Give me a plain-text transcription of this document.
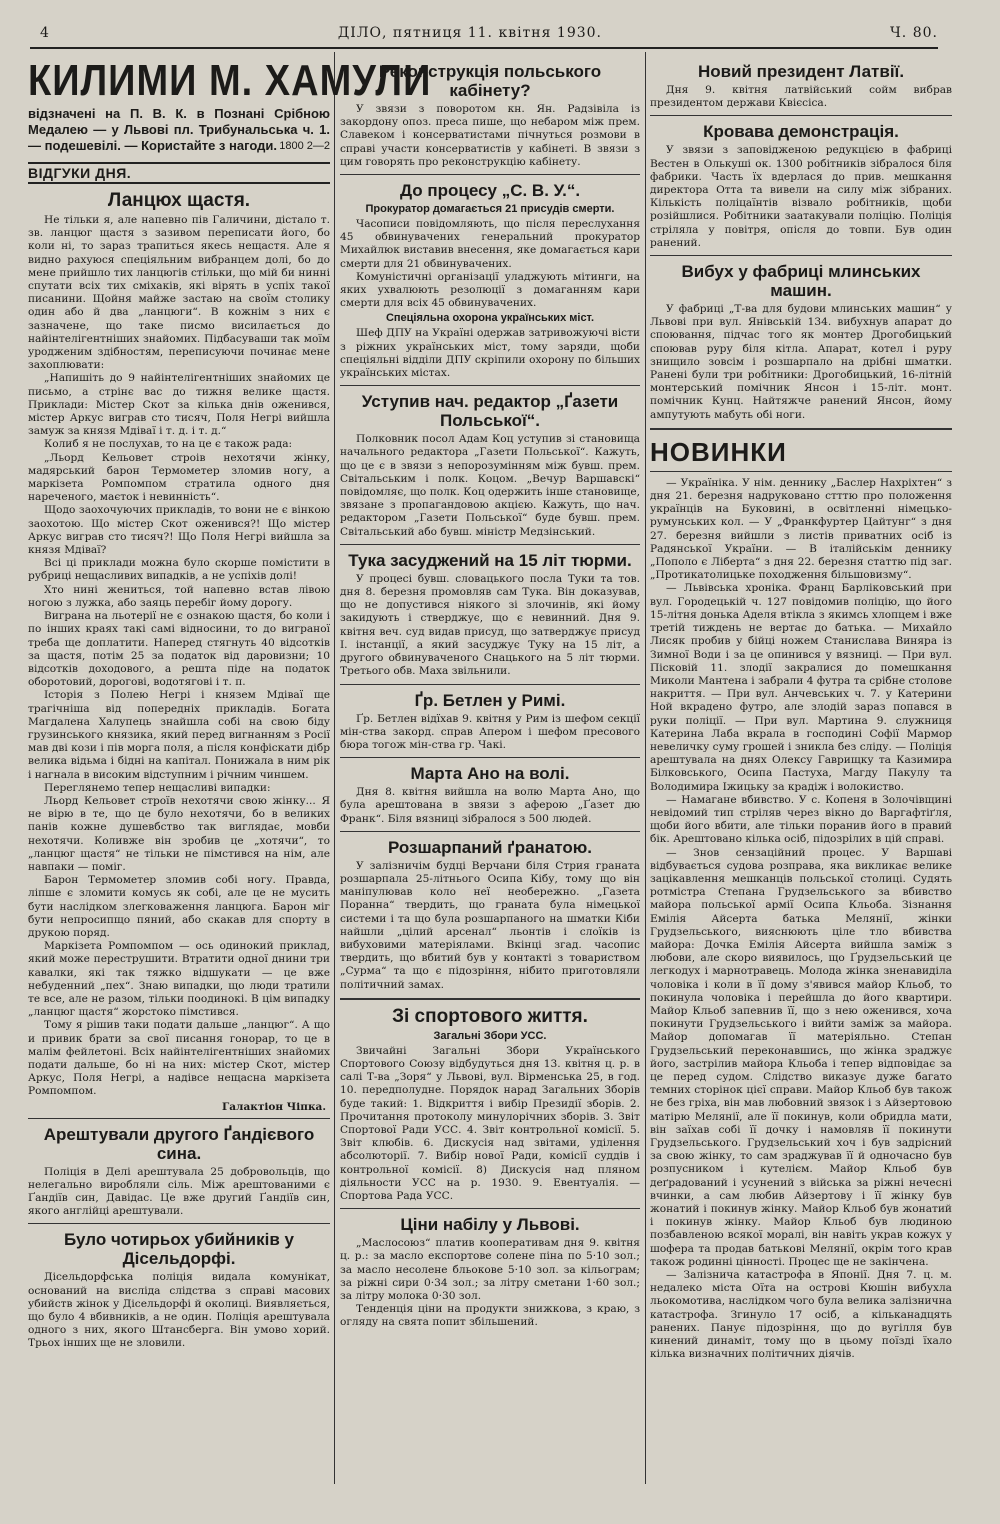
4	ДІЛО, пятниця 11. квітня 1930.	Ч. 80.
КИЛИМИ М. ХАМУЛИ
відзначені на П. В. К. в Познані Срібною Медалею — у Львові пл. Трибунальська ч. 1. — подешевілі. — Користайте з нагоди. 1800 2—2
ВІДГУКИ ДНЯ.
Ланцюх щастя.

Не тільки я, але напевно пів Галичини, дістало т. зв. ланцюг щастя з зазивом переписати його, бо коли ні, то зараз трапиться якесь нещастя. Але я видно рахуюся спеціяльним вибранцем долі, бо до мене прийшло тих ланцюгів стільки, що мій би нинні спутати всіх тих сміхаків, які вірять в успіх такої писанини. Щойня майже застаю на своїм столику один або й два „ланцюги“. В кожнім з них є зазначене, що таке писмо висилається до найінтелігентніших знайомих. Підбасуваши так моїм уродженим здібностям, переписуючи починає мене захоплювати:

„Напишіть до 9 найінтелігентніших знайомих це письмо, а стрінє вас до тижня велике щастя. Приклади: Містер Скот за кілька днів оженився, містер Аркус виграв сто тисяч, Поля Негрі вийшла замуж за князя Мдіваї і т. д. і т. д.“

Колиб я не послухав, то на це є також рада:

„Льорд Кельовет строів нехотячи жінку, мадярський барон Термометер зломив ногу, а маркізета Ромпомпом стратила одного дня нареченого, маєток і невинність“.

Щодо заохочуючих прикладів, то вони не є вінкою заохотою. Що містер Скот оженився?! Що містер Аркус виграв сто тисяч?! Що Поля Негрі вийшла за князя Мдіваї?

Всі ці приклади можна було скорше помістити в рубриці нещасливих випадків, а не успіхів долі!

Хто нині жениться, той напевно встав лівою ногою з лужка, або заяць перебіг йому дорогу.

Виграна на льотерії не є ознакою щастя, бо коли і по інших краях такі самі відносини, то до виграної треба ще доплатити. Наперед стягнуть 40 відсотків за щастя, потім 25 за податок від даровизни; 10 відсотків доходового, а решта піде на податок оборотовий, дорогові, водотягові і т. п.

Історія з Полею Негрі і князем Мдіваї ще трагічніша від попередніх прикладів. Богата Магдалена Халупець знайшла собі на свою біду грузинського князика, який перед вигнанням з Росії мав дві кози і пів морга поля, а після конфіскати дібр велика відьма і бідні на капітал. Понижала в ним рік і нагнала в високим відступним і річним чиншем.

Переглянемо тепер нещасливі випадки:

Льорд Кельовет строїв нехотячи свою жінку... Я не вірю в те, що це було нехотячи, бо в великих панів кожне душевбство так виглядає, мовби нехотячи. Коливже він зробив це „хотячи“, то „ланцюг щастя“ не тільки не пімстився на нім, але навпаки — поміг.

Барон Термометер зломив собі ногу. Правда, ліпше є зломити комусь як собі, але це не мусить бути наслідком злегковаження ланцюга. Барон міг бути непросипщо пяний, або скакав для спорту в друкою поряд.

Маркізета Ромпомпом — ось одинокий приклад, який може переструшити. Втратити одної днини три кавалки, які так тяжко відшукати — це вже небуденний „пех“. Знаю випадки, що люди тратили те все, але не разом, тільки поодинокі. В цім випадку „ланцюг щастя“ жорстоко пімстився.

Тому я рішив таки подати дальше „ланцюг“. А що и привик брати за свої писання гонорар, то це в малім фейлетоні. Всіх найінтелігентніших знайомих подати дальше, бо ні на них: містер Скот, містер Аркус, Поля Негрі, а надівсе нещасна маркізета Ромпомпом.

Галактіон Чіпка.
Арештували другого Ґандієвого сина.

Поліція в Делі арештувала 25 добровольців, що нелегально виробляли сіль. Між арештованими є Ґандіїв син, Давідас. Це вже другий Ґандіїв син, якого англійці арештували.

Було чотирьох убийників у Дісельдорфі.

Дісельдорфська поліція видала комунікат, оснований на висліда слідства з справі масових убийств жінок у Дісельдорфі й околиці. Виявляється, що було 4 вбивників, а не один. Поліція арештувала одного з них, якого Штансберга. Він умово хорий. Трьох інших ще не зловили.

Реконструкція польського кабінету?

У звязи з поворотом кн. Ян. Радзівіла із закордону опоз. преса пише, що небаром між прем. Славеком і консерватистами пічнуться розмови в справі участи консерватистів у кабінеті. В звязи з цим говорять про реконструкцію кабінету.

До процесу „С. В. У.“.
Прокуратор домагається 21 присудів смерти.

Часописи повідомляють, що після переслухання 45 обвинувачених генеральний прокуратор Михайлюк виставив внесення, яке домагається кари смерти для 21 обвинувачених.

Комуністичні організації уладжують мітинги, на яких ухвалюють резолюції з домаганням кари смерти для всіх 45 обвинувачених.

Спеціяльна охорона українських міст.

Шеф ДПУ на Україні одержав затривожуючі вісти з ріжних українських міст, тому заряди, щоби спеціяльні відділи ДПУ скріпили охорону по більших українських містах.

Уступив нач. редактор „Ґазети Польської“.

Полковник посол Адам Коц уступив зі становища начального редактора „Газети Польської“. Кажуть, що це є в звязи з непорозумінням між бувш. прем. Світальським і полк. Коцом. „Вечур Варшавскі“ повідомляє, що полк. Коц одержить інше становище, звязане з пропагандовою акцією. Кажуть, що нач. редактором „Газети Польської“ буде бувш. прем. Світальський або бувш. міністр Медзінський.

Тука засуджений на 15 літ тюрми.

У процесі бувш. словацького посла Туки та тов. дня 8. березня промовляв сам Тука. Він доказував, що не допустився ніякого зі злочинів, які йому закидують і стверджує, що є невинний. Дня 9. квітня веч. суд видав присуд, що затверджує присуд І. інстанції, а який засуджує Туку на 15 літ, а другого обвинуваченого Снацького на 5 літ тюрми. Третього обв. Маха звільнили.

Ґр. Бетлен у Римі.

Ґр. Бетлен відїхав 9. квітня у Рим із шефом секції мін-ства закорд. справ Апером і шефом пресового бюра тогож мін-ства гр. Чакі.

Марта Ано на волі.

Дня 8. квітня вийшла на волю Марта Ано, що була арештована в звязи з аферою „Ґазет дю Франк“. Біля вязниці зібралося з 500 людей.

Розшарпаний ґранатою.

У залізничім будці Верчани біля Стрия граната розшарпала 25-літнього Осипа Кібу, тому що він маніпулював коло неї необережно. „Газета Поранна“ твердить, що граната була німецької системи і та що була розшарпаного на шматки Кіби найшли „цілий арсенал“ льонтів і слоїків із вибуховими матеріялами. Вкінці згад. часопис твердить, що вбитий був у контакті з товариством „Сурма“ та що є підозріння, нібито приготовляли політичний замах.

Зі спортового життя.
Загальні Збори УСС.

Звичайні Загальні Збори Українського Спортового Союзу відбудуться дня 13. квітня ц. р. в салі Т-ва „Зоря“ у Львові, вул. Вірменська 25, в год. 10. передполудне. Порядок нарад Загальних Зборів буде такий: 1. Відкриття і вибір Президії зборів. 2. Прочитання протоколу минулорічних зборів. 3. Звіт Спортової Ради УСС. 4. Звіт контрольної комісії. 5. Звіт клюбів. 6. Дискусія над звітами, уділення абсолюторії. 7. Вибір нової Ради, комісії суддів і контрольної комісії. 8) Дискусія над пляном діяльности УСС на р. 1930. 9. Евентуалія. — Спортова Рада УСС.

Ціни набілу у Львові.

„Маслосоюз“ платив кооперативам дня 9. квітня ц. р.: за масло експортове солене піна по 5·10 зол.; за масло несолене бльокове 5·10 зол. за кільограм; за ріжні сири 0·34 зол.; за літру сметани 1·60 зол.; за літру молока 0·30 зол.

Тенденція ціни на продукти знижкова, з краю, з огляду на свята попит збільшений.

Новий президент Латвії.

Дня 9. квітня латвійський сойм вибрав президентом держави Квієсіса.

Кровава демонстрація.

У звязи з заповідженою редукцією в фабриці Вестен в Олькуші ок. 1300 робітників зібралося біля фабрики. Часть їх вдерлася до прив. мешкання директора Отта та вивели на силу між зібраних. Кількість поліцаїнтів візвало робітників, щоби розійшлися. Робітники заатакували поліцію. Поліція стріляла у повітря, опісля до товпи. Був один ранений.

Вибух у фабриці млинських машин.

У фабриці „Т-ва для будови млинських машин“ у Львові при вул. Янівській 134. вибухнув апарат до споювання, підчас того як монтер Дрогобицький споював руру біля кітла. Апарат, котел і руру знищило зовсім і розшарпало на дрібні шматки. Ранені були три робітники: Дрогобицький, 16-літній монтерський помічник Янсон і 15-літ. монт. помічник Кунц. Найтяжче ранений Янсон, йому ампутують мабуть обі ноги.

НОВИНКИ

— Україніка. У нім. деннику „Баслер Нахріхтен“ з дня 21. березня надруковано стттю про положення українців на Буковині, в освітленні німецько-румунських кол. — У „Франкфуртер Цайтунг“ з дня 27. березня вийшли з листів приватних осіб із Радянської України. — В італійськім деннику „Пополо є Ліберта“ з дня 22. березня статтю під заг. „Протикатолицьке походження більшовизму“.

— Львівська хроніка. Франц Барліковський при вул. Городецькій ч. 127 повідомив поліцію, що його 15-літня донька Аделя втікла з якимсь хлопцем і вже третій тиждень не вертає до батька. — Михайло Лисяк пробив у бійці ножем Станислава Виняра із Зимної Води і за це опинився у вязниці. — При вул. Пісковій 11. злодії закралися до помешкання Миколи Мантена і забрали 4 футра та срібне столове накриття. — При вул. Анчевських ч. 7. у Катерини Ной вкрадено футро, але злодій зараз попався в руки поліції. — При вул. Мартина 9. служниця Катерина Лаба вкрала в господині Софії Мармор невеличку суму грошей і зникла без сліду. — Поліція арештувала на днях Олексу Гаврищку та Казимира Білковського, Осипа Пастуха, Магду Пакулу та Володимира Іжицьку за крадіж і волокиство.

— Намагане вбивство. У с. Копеня в Золочівщині невідомий тип стріляв через вікно до Варгафтіґля, щоби його вбити, але тільки поранив його в правий бік. Арештовано кілька осіб, підозрілих в цій справі.

— Знов сензаційний процес. У Варшаві відбувається судова розправа, яка викликає велике зацікавлення мешканців польської столиці. Судять ротмістра Степана Грудзельського за вбивство майора польської армії Осипа Кльоба. Зізнання Емілія Айсерта батька Мелянії, жінки Грудзельського, вияснюють ціле тло вбивства майора: Дочка Емілія Айсерта вийшла заміж з любови, але скоро виявилось, що Ґрудзельський це легкодух і марнотравець. Молода жінка зненавиділа чоловіка і коли в її дому з'явився майор Кльоб, то покинула чоловіка і перейшла до його квартири. Майор Кльоб запевнив її, що з нею оженився, хоча покинути Грудзельського і вийти заміж за майора. Майор допомагав її матеріяльно. Степан Грудзельський переконавшись, що жінка зраджує його, застрілив майора Кльоба і тепер відповідає за це перед судом. Слідство виказує дуже багато темних сторінок цієї справи. Майор Кльоб був також не без гріха, він мав любовний звязок і з Айзертовою матірю Мелянії, але її покинув, коли обридла мати, він заїхав собі її дочку і намовляв її покинути Грудзельського. Грудзельський хоч і був задрісний за свою жінку, то сам зраджував її й одночасно був розпусником і кутелієм. Майор Кльоб був деґрадований і усунений з війська за ріжні нечесні вчинки, а сам любив Айзертову і її жінку був жонатий і покинув жінку. Майор Кльоб був жонатий і покинув жінку. Майор Кльоб був людиною позбавленою всякої моралі, він навіть украв кожух у шофера та продав батькові Мелянії, окрім того крав також родинні цінності. Процес ще не закінчена.

— Залізнича катастрофа в Японії. Дня 7. ц. м. недалеко міста Оїта на острові Кюшін вибухла льокомотива, наслідком чого була велика залізнична катастрофа. Згинуло 17 осіб, а кільканадцять ранених. Панує підозріння, що до вугілля був кинений динаміт, тому що в цьому поїзді їхало кілька визначних політичних діячів.
